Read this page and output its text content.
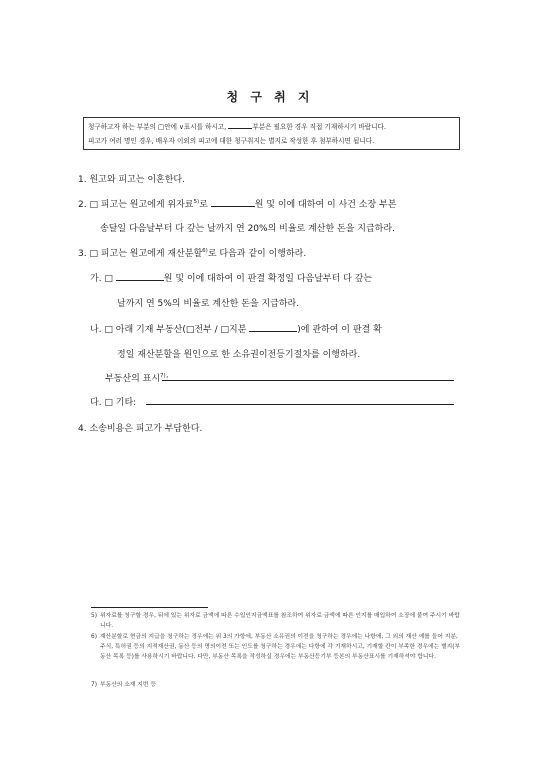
청 구 취 지
청구하고자 하는 부분의 □안에 ∨표시를 하시고,	부분은 필요한 경우 직접 기재하시기 바랍니다.
피고가 여러 명인 경우, 배우자 이외의 피고에 대한 청구취지는 별지로 작성한 후 첨부하시면 됩니다.
1. 원고와 피고는 이혼한다.
2. □ 피고는 원고에게 위자료$^{5)}$로	원 및 이에 대하여 이 사건 소장 부본
송달일 다음날부터 다 갚는 날까지 연 20%의 비율로 계산한 돈을 지급하라.
3. □ 피고는 원고에게 재산분할$^{6)}$로 다음과 같이 이행하라.
가. □	원 및 이에 대하여 이 판결 확정일 다음날부터 다 갚는
날까지 연 5%의 비율로 계산한 돈을 지급하라.
나. □ 아래 기재 부동산(□전부 / □지분	)에 관하여 이 판결 확
정일 재산분할을 원인으로 한 소유권이전등기절차를 이행하라.
부동산의 표시$^{7)}$:
다. □ 기타:
4. 소송비용은 피고가 부담한다.
5) 위자료를 청구할 경우, 뒤에 있는 위자료 금액에 따른 수입인지금액표를 참조하여 위자료 금액에 따른 인지를 매입하여 소장에 붙여 주시기 바랍니다.
6) 재산분할로 현금의 지급을 청구하는 경우에는 위 3의 가항에, 부동산 소유권의 이전을 청구하는 경우에는 나항에, 그 외의 재산 예를 들어 지분, 주식, 특허권 등의 지적재산권, 동산 등의 명의이전 또는 인도를 청구하는 경우에는 다항에 각 기재하시고, 기재할 칸이 부족한 경우에는 별지(부동산 목록 등)를 사용하시기 바랍니다. 다만, 부동산 목록을 작성하실 경우에는 부동산등기부 등본의 부동산표시를 기재하셔야 합니다.
7) 부동산의 소재 지번 등
